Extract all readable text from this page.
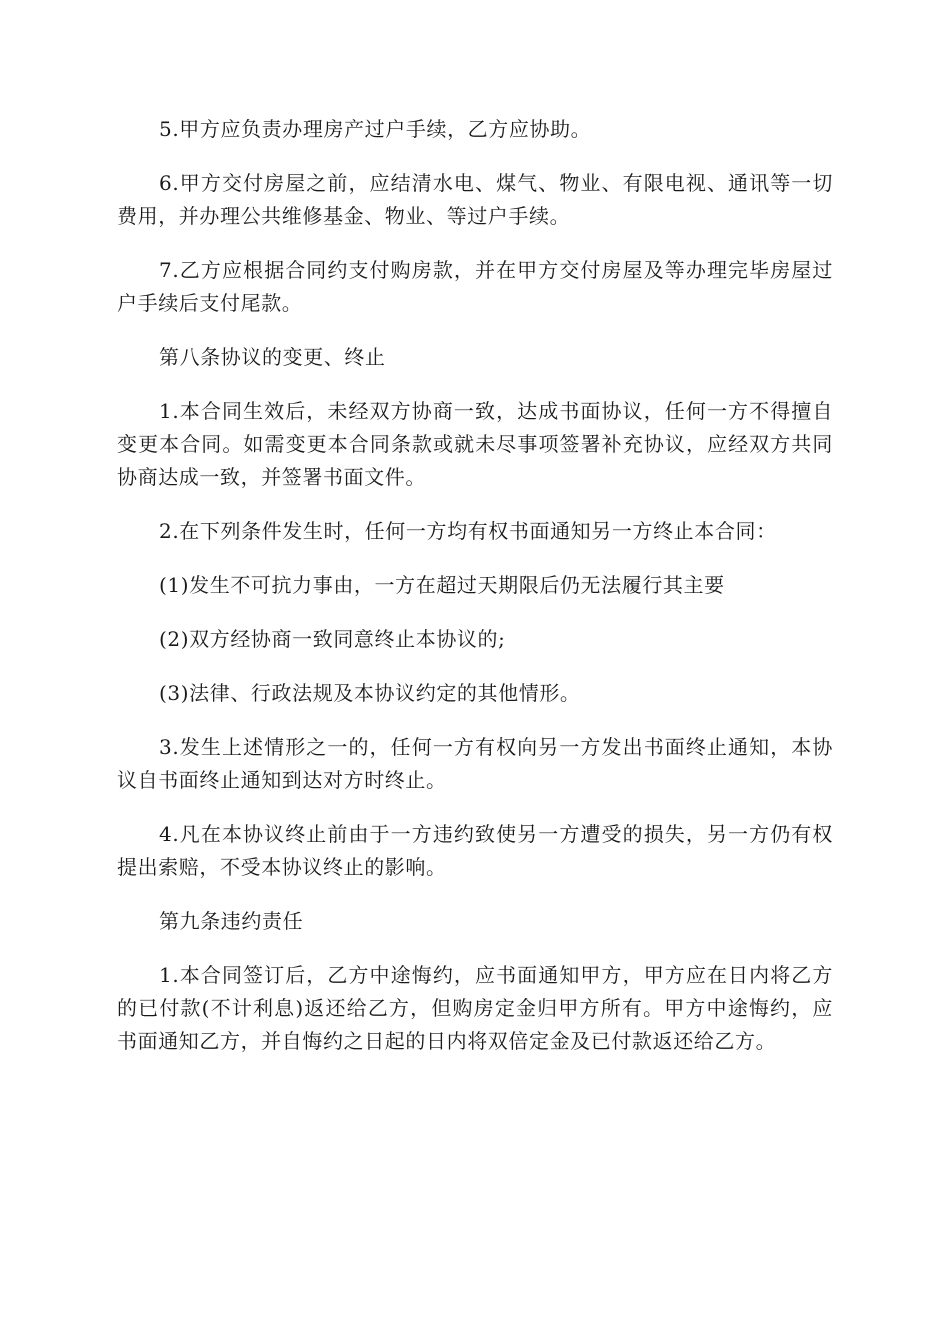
5.甲方应负责办理房产过户手续，乙方应协助。

6.甲方交付房屋之前，应结清水电、煤气、物业、有限电视、通讯等一切费用，并办理公共维修基金、物业、等过户手续。

7.乙方应根据合同约支付购房款，并在甲方交付房屋及等办理完毕房屋过户手续后支付尾款。

第八条协议的变更、终止

1.本合同生效后，未经双方协商一致，达成书面协议，任何一方不得擅自变更本合同。如需变更本合同条款或就未尽事项签署补充协议，应经双方共同协商达成一致，并签署书面文件。

2.在下列条件发生时，任何一方均有权书面通知另一方终止本合同：

(1)发生不可抗力事由，一方在超过天期限后仍无法履行其主要

(2)双方经协商一致同意终止本协议的;

(3)法律、行政法规及本协议约定的其他情形。

3.发生上述情形之一的，任何一方有权向另一方发出书面终止通知，本协议自书面终止通知到达对方时终止。

4.凡在本协议终止前由于一方违约致使另一方遭受的损失，另一方仍有权提出索赔，不受本协议终止的影响。

第九条违约责任

1.本合同签订后，乙方中途悔约，应书面通知甲方，甲方应在日内将乙方的已付款(不计利息)返还给乙方，但购房定金归甲方所有。甲方中途悔约，应书面通知乙方，并自悔约之日起的日内将双倍定金及已付款返还给乙方。
